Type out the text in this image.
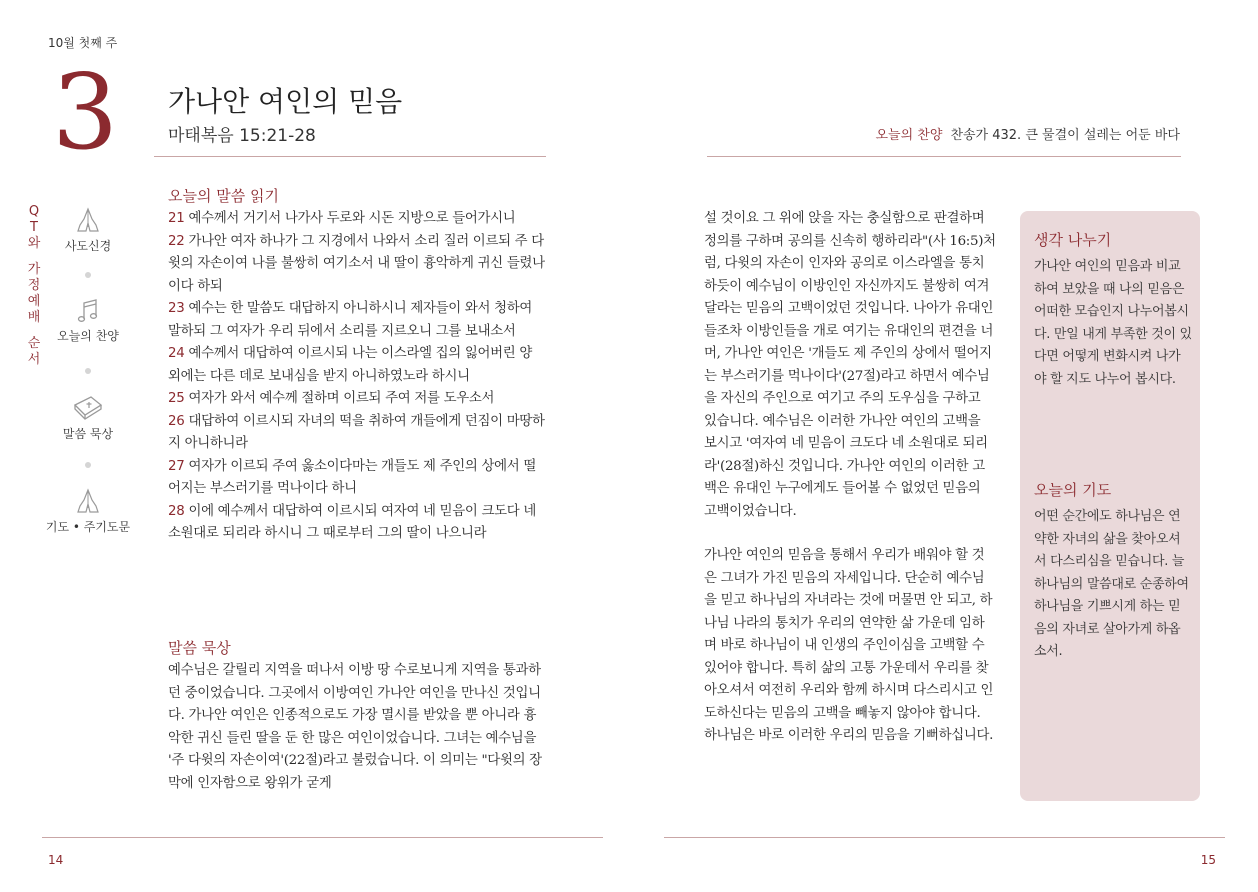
10월 첫째 주
3 가나안 여인의 믿음
마태복음 15:21-28	오늘의 찬양 찬송가 432. 큰 물결이 설레는 어둔 바다
Q
T
와
가
정
예
배
순
서
사도신경
오늘의 찬양
말씀 묵상
기도 • 주기도문
오늘의 말씀 읽기

21 예수께서 거기서 나가사 두로와 시돈 지방으로 들어가시니

22 가나안 여자 하나가 그 지경에서 나와서 소리 질러 이르되 주 다윗의 자손이여 나를 불쌍히 여기소서 내 딸이 흉악하게 귀신 들렸나이다 하되

23 예수는 한 말씀도 대답하지 아니하시니 제자들이 와서 청하여 말하되 그 여자가 우리 뒤에서 소리를 지르오니 그를 보내소서

24 예수께서 대답하여 이르시되 나는 이스라엘 집의 잃어버린 양 외에는 다른 데로 보내심을 받지 아니하였노라 하시니

25 여자가 와서 예수께 절하며 이르되 주여 저를 도우소서

26 대답하여 이르시되 자녀의 떡을 취하여 개들에게 던짐이 마땅하지 아니하니라

27 여자가 이르되 주여 옳소이다마는 개들도 제 주인의 상에서 떨어지는 부스러기를 먹나이다 하니

28 이에 예수께서 대답하여 이르시되 여자여 네 믿음이 크도다 네 소원대로 되리라 하시니 그 때로부터 그의 딸이 나으니라

말씀 묵상
예수님은 갈릴리 지역을 떠나서 이방 땅 수로보니게 지역을 통과하던 중이었습니다. 그곳에서 이방여인 가나안 여인을 만나신 것입니다. 가나안 여인은 인종적으로도 가장 멸시를 받았을 뿐 아니라 흉악한 귀신 들린 딸을 둔 한 많은 여인이었습니다. 그녀는 예수님을 '주 다윗의 자손이여'(22절)라고 불렀습니다. 이 의미는 "다윗의 장막에 인자함으로 왕위가 굳게

설 것이요 그 위에 앉을 자는 충실함으로 판결하며 정의를 구하며 공의를 신속히 행하리라"(사 16:5)처럼, 다윗의 자손이 인자와 공의로 이스라엘을 통치하듯이 예수님이 이방인인 자신까지도 불쌍히 여겨달라는 믿음의 고백이었던 것입니다. 나아가 유대인들조차 이방인들을 개로 여기는 유대인의 편견을 너머, 가나안 여인은 '개들도 제 주인의 상에서 떨어지는 부스러기를 먹나이다'(27절)라고 하면서 예수님을 자신의 주인으로 여기고 주의 도우심을 구하고 있습니다. 예수님은 이러한 가나안 여인의 고백을 보시고 '여자여 네 믿음이 크도다 네 소원대로 되리라'(28절)하신 것입니다. 가나안 여인의 이러한 고백은 유대인 누구에게도 들어볼 수 없었던 믿음의 고백이었습니다.

가나안 여인의 믿음을 통해서 우리가 배워야 할 것은 그녀가 가진 믿음의 자세입니다. 단순히 예수님을 믿고 하나님의 자녀라는 것에 머물면 안 되고, 하나님 나라의 통치가 우리의 연약한 삶 가운데 임하며 바로 하나님이 내 인생의 주인이심을 고백할 수 있어야 합니다. 특히 삶의 고통 가운데서 우리를 찾아오셔서 여전히 우리와 함께 하시며 다스리시고 인도하신다는 믿음의 고백을 빼놓지 않아야 합니다. 하나님은 바로 이러한 우리의 믿음을 기뻐하십니다.

생각 나누기
가나안 여인의 믿음과 비교하여 보았을 때 나의 믿음은 어떠한 모습인지 나누어봅시다. 만일 내게 부족한 것이 있다면 어떻게 변화시켜 나가야 할 지도 나누어 봅시다.
오늘의 기도
어떤 순간에도 하나님은 연약한 자녀의 삶을 찾아오셔서 다스리심을 믿습니다. 늘 하나님의 말씀대로 순종하여 하나님을 기쁘시게 하는 믿음의 자녀로 살아가게 하옵소서.
14	15
